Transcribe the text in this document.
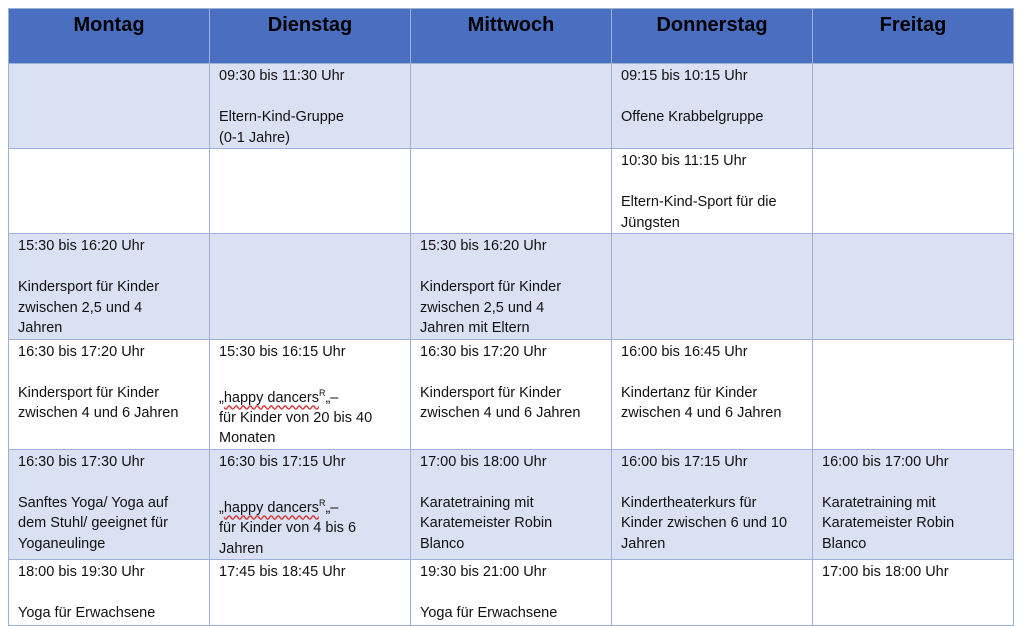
Montag	Dienstag	Mittwoch	Donnerstag	Freitag

	09:30 bis 11:30 Uhr
Eltern-Kind-Gruppe
(0-1 Jahre)		09:15 bis 10:15 Uhr
Offene Krabbelgruppe	

			10:30 bis 11:15 Uhr
Eltern-Kind-Sport für die
Jüngsten	

15:30 bis 16:20 Uhr
Kindersport für Kinder
zwischen 2,5 und 4
Jahren		15:30 bis 16:20 Uhr
Kindersport für Kinder
zwischen 2,5 und 4
Jahren mit Eltern		

16:30 bis 17:20 Uhr
Kindersport für Kinder
zwischen 4 und 6 Jahren	15:30 bis 16:15 Uhr
„happy dancers$^R$„–
für Kinder von 20 bis 40
Monaten	16:30 bis 17:20 Uhr
Kindersport für Kinder
zwischen 4 und 6 Jahren	16:00 bis 16:45 Uhr
Kindertanz für Kinder
zwischen 4 und 6 Jahren	

16:30 bis 17:30 Uhr
Sanftes Yoga/ Yoga auf
dem Stuhl/ geeignet für
Yoganeulinge	16:30 bis 17:15 Uhr
„happy dancers$^R$„–
für Kinder von 4 bis 6
Jahren	17:00 bis 18:00 Uhr
Karatetraining mit
Karatemeister Robin
Blanco	16:00 bis 17:15 Uhr
Kindertheaterkurs für
Kinder zwischen 6 und 10
Jahren	16:00 bis 17:00 Uhr
Karatetraining mit
Karatemeister Robin
Blanco

18:00 bis 19:30 Uhr
Yoga für Erwachsene	17:45 bis 18:45 Uhr	19:30 bis 21:00 Uhr
Yoga für Erwachsene		17:00 bis 18:00 Uhr
